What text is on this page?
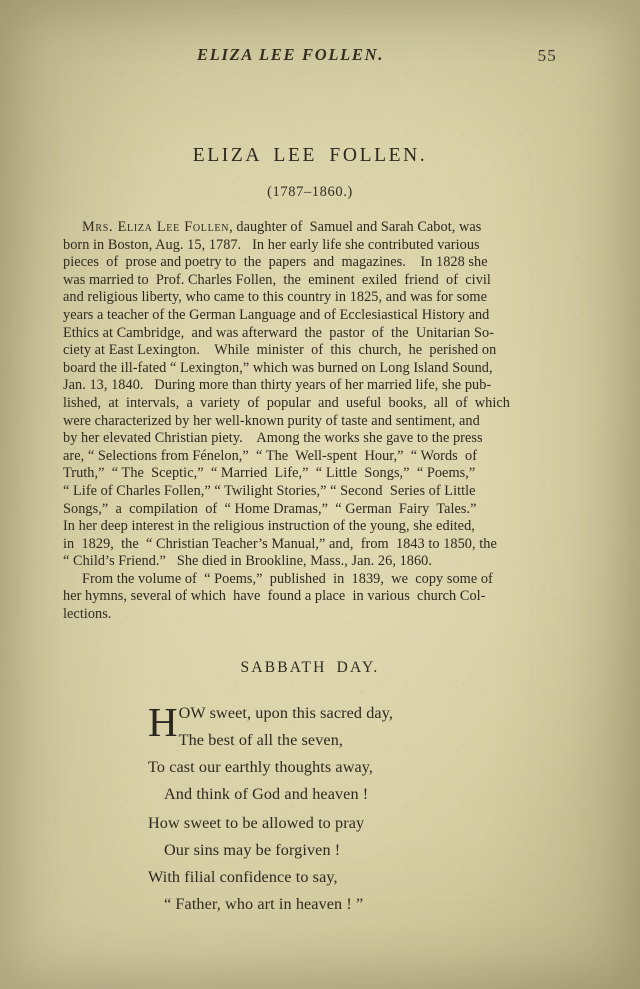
ELIZA LEE FOLLEN.	55
ELIZA LEE FOLLEN.
(1787–1860.)
Mrs. Eliza Lee Follen, daughter of  Samuel and Sarah Cabot, was
born in Boston, Aug. 15, 1787.   In her early life she contributed various
pieces  of  prose and poetry to  the  papers  and  magazines.    In 1828 she
was married to  Prof. Charles Follen,  the  eminent  exiled  friend  of  civil
and religious liberty, who came to this country in 1825, and was for some
years a teacher of the German Language and of Ecclesiastical History and
Ethics at Cambridge,  and was afterward  the  pastor  of  the  Unitarian So-
ciety at East Lexington.    While  minister  of  this  church,  he  perished on
board the ill-fated “ Lexington,” which was burned on Long Island Sound,
Jan. 13, 1840.   During more than thirty years of her married life, she pub-
lished,  at  intervals,  a  variety  of  popular  and  useful  books,  all  of  which
were characterized by her well-known purity of taste and sentiment, and
by her elevated Christian piety.    Among the works she gave to the press
are, “ Selections from Fénelon,”  “ The  Well-spent  Hour,”  “ Words  of
Truth,”  “ The  Sceptic,”  “ Married  Life,”  “ Little  Songs,”  “ Poems,”
“ Life of Charles Follen,” “ Twilight Stories,” “ Second  Series of Little
Songs,”  a  compilation  of  “ Home Dramas,”  “ German  Fairy  Tales.”
In her deep interest in the religious instruction of the young, she edited,
in  1829,  the  “ Christian Teacher’s Manual,” and,  from  1843 to 1850, the
“ Child’s Friend.”   She died in Brookline, Mass., Jan. 26, 1860.
From the volume of  “ Poems,”  published  in  1839,  we  copy some of
her hymns, several of which  have  found a place  in various  church Col-
lections.
SABBATH DAY.
HOW sweet, upon this sacred day,
The best of all the seven,
To cast our earthly thoughts away,
And think of God and heaven !
How sweet to be allowed to pray
Our sins may be forgiven !
With filial confidence to say,
“ Father, who art in heaven ! ”
